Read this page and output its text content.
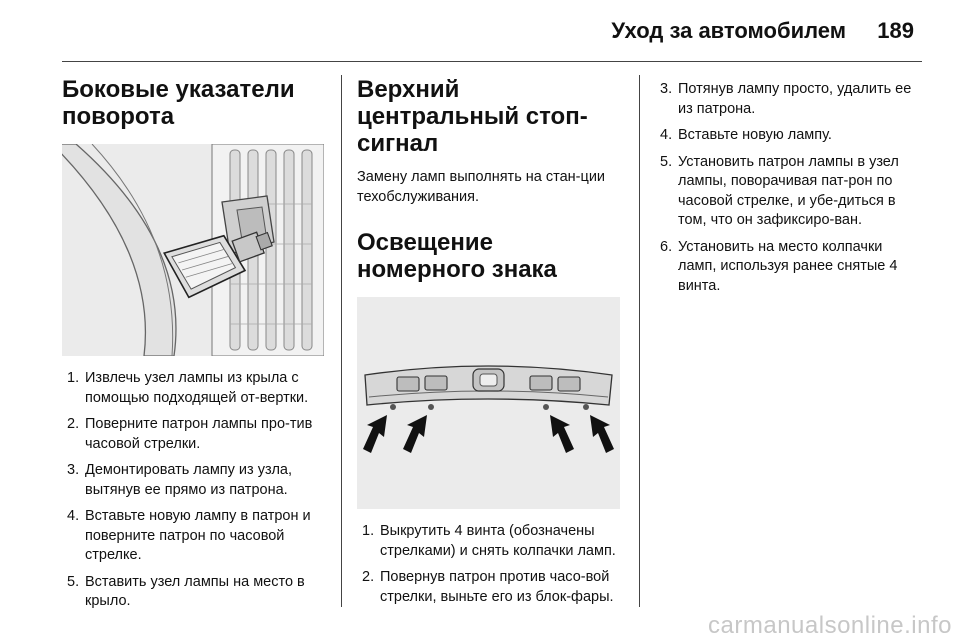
Уход за автомобилем 189
Боковые указатели поворота
1. Извлечь узел лампы из крыла с помощью подходящей от-вертки.
2. Поверните патрон лампы про-тив часовой стрелки.
3. Демонтировать лампу из узла, вытянув ее прямо из патрона.
4. Вставьте новую лампу в патрон и поверните патрон по часовой стрелке.
5. Вставить узел лампы на место в крыло.
Верхний центральный стоп-сигнал

Замену ламп выполнять на стан-ции техобслуживания.

Освещение номерного знака
1. Выкрутить 4 винта (обозначены стрелками) и снять колпачки ламп.
2. Повернув патрон против часо-вой стрелки, выньте его из блок-фары.
3. Потянув лампу просто, удалить ее из патрона.
4. Вставьте новую лампу.
5. Установить патрон лампы в узел лампы, поворачивая пат-рон по часовой стрелке, и убе-диться в том, что он зафиксиро-ван.
6. Установить на место колпачки ламп, используя ранее снятые 4 винта.
carmanualsonline.info
